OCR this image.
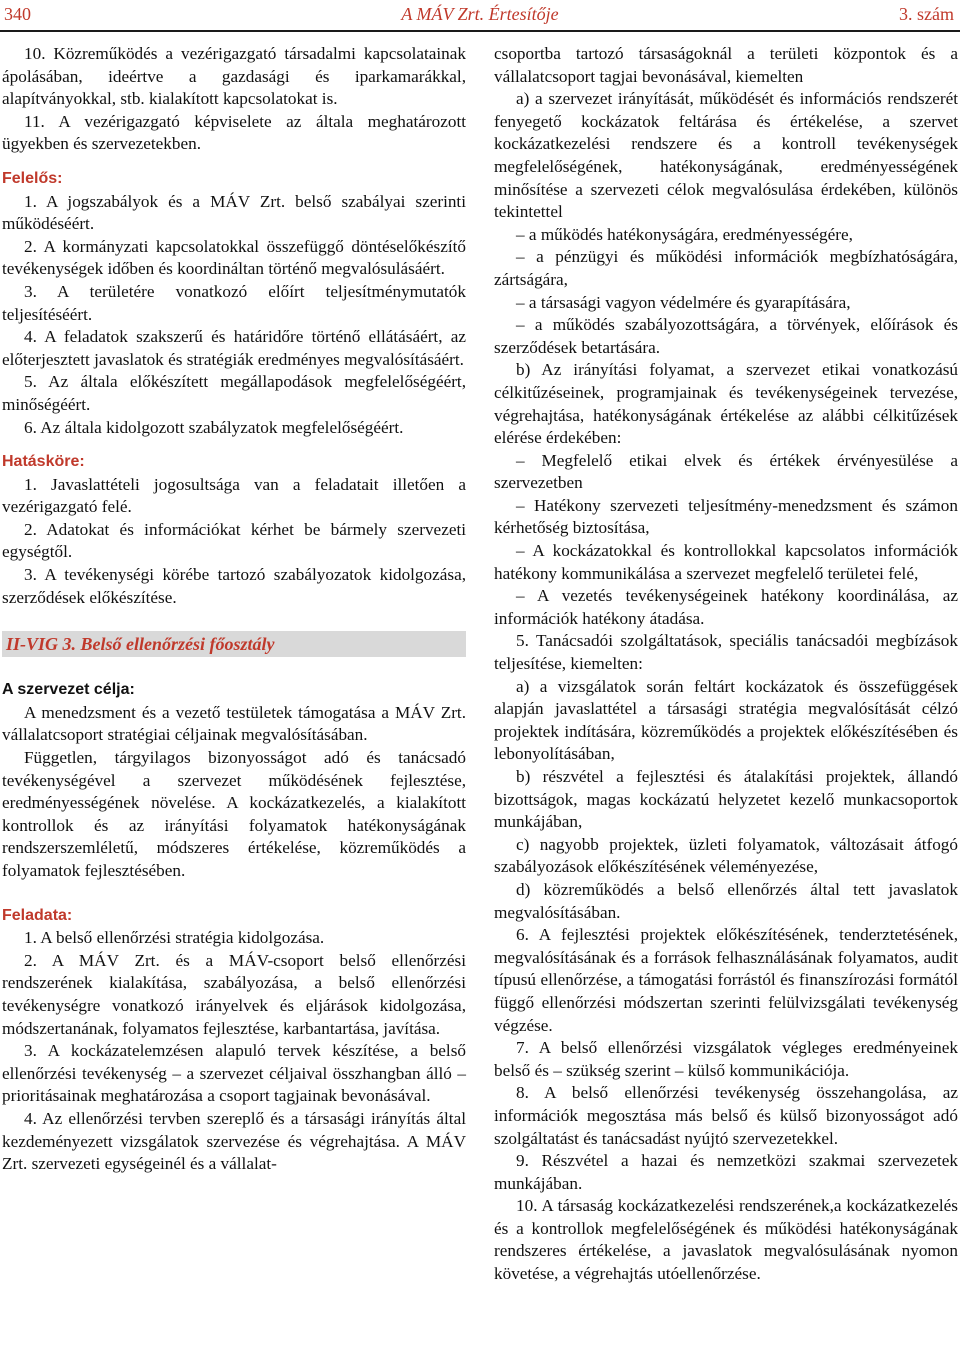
340	A MÁV Zrt. Értesítője	3. szám

10. Közreműködés a vezérigazgató társadalmi kapcsolatainak ápolásában, ideértve a gazdasági és iparkamarákkal, alapítványokkal, stb. kialakított kapcsolatokat is.

11. A vezérigazgató képviselete az általa meghatározott ügyekben és szervezetekben.

Felelős:

1. A jogszabályok és a MÁV Zrt. belső szabályai szerinti működéséért.

2. A kormányzati kapcsolatokkal összefüggő döntéselőkészítő tevékenységek időben és koordináltan történő megvalósulásáért.

3. A területére vonatkozó előírt teljesítménymutatók teljesítéséért.

4. A feladatok szakszerű és határidőre történő ellátásáért, az előterjesztett javaslatok és stratégiák eredményes megvalósításáért.

5. Az általa előkészített megállapodások megfelelőségéért, minőségéért.

6. Az általa kidolgozott szabályzatok megfelelőségéért.

Hatásköre:

1. Javaslattételi jogosultsága van a feladatait illetően a vezérigazgató felé.

2. Adatokat és információkat kérhet be bármely szervezeti egységtől.

3. A tevékenységi körébe tartozó szabályozatok kidolgozása, szerződések előkészítése.

II-VIG 3. Belső ellenőrzési főosztály

A szervezet célja:

A menedzsment és a vezető testületek támogatása a MÁV Zrt. vállalatcsoport stratégiai céljainak megvalósításában.

Független, tárgyilagos bizonyosságot adó és tanácsadó tevékenységével a szervezet működésének fejlesztése, eredményességének növelése. A kockázatkezelés, a kialakított kontrollok és az irányítási folyamatok hatékonyságának rendszerszemléletű, módszeres értékelése, közreműködés a folyamatok fejlesztésében.

Feladata:

1. A belső ellenőrzési stratégia kidolgozása.

2. A MÁV Zrt. és a MÁV-csoport belső ellenőrzési rendszerének kialakítása, szabályozása, a belső ellenőrzési tevékenységre vonatkozó irányelvek és eljárások kidolgozása, módszertanának, folyamatos fejlesztése, karbantartása, javítása.

3. A kockázatelemzésen alapuló tervek készítése, a belső ellenőrzési tevékenység – a szervezet céljaival összhangban álló – prioritásainak meghatározása a csoport tagjainak bevonásával.

4. Az ellenőrzési tervben szereplő és a társasági irányítás által kezdeményezett vizsgálatok szervezése és végrehajtása. A MÁV Zrt. szervezeti egységeinél és a vállalat-

csoportba tartozó társaságoknál a területi központok és a vállalatcsoport tagjai bevonásával, kiemelten

a) a szervezet irányítását, működését és információs rendszerét fenyegető kockázatok feltárása és értékelése, a szervet kockázatkezelési rendszere és a kontroll tevékenységek megfelelőségének, hatékonyságának, eredményességének minősítése a szervezeti célok megvalósulása érdekében, különös tekintettel

– a működés hatékonyságára, eredményességére,

– a pénzügyi és működési információk megbízhatóságára, zártságára,

– a társasági vagyon védelmére és gyarapítására,

– a működés szabályozottságára, a törvények, előírások és szerződések betartására.

b) Az irányítási folyamat, a szervezet etikai vonatkozású célkitűzéseinek, programjainak és tevékenységeinek tervezése, végrehajtása, hatékonyságának értékelése az alábbi célkitűzések elérése érdekében:

– Megfelelő etikai elvek és értékek érvényesülése a szervezetben

– Hatékony szervezeti teljesítmény-menedzsment és számon kérhetőség biztosítása,

– A kockázatokkal és kontrollokkal kapcsolatos információk hatékony kommunikálása a szervezet megfelelő területei felé,

– A vezetés tevékenységeinek hatékony koordinálása, az információk hatékony átadása.

5. Tanácsadói szolgáltatások, speciális tanácsadói megbízások teljesítése, kiemelten:

a) a vizsgálatok során feltárt kockázatok és összefüggések alapján javaslattétel a társasági stratégia megvalósítását célzó projektek indítására, közreműködés a projektek előkészítésében és lebonyolításában,

b) részvétel a fejlesztési és átalakítási projektek, állandó bizottságok, magas kockázatú helyzetet kezelő munkacsoportok munkájában,

c) nagyobb projektek, üzleti folyamatok, változásait átfogó szabályozások előkészítésének véleményezése,

d) közreműködés a belső ellenőrzés által tett javaslatok megvalósításában.

6. A fejlesztési projektek előkészítésének, tenderztetésének, megvalósításának és a források felhasználásának folyamatos, audit típusú ellenőrzése, a támogatási forrástól és finanszírozási formától függő ellenőrzési módszertan szerinti felülvizsgálati tevékenység végzése.

7. A belső ellenőrzési vizsgálatok végleges eredményeinek belső és – szükség szerint – külső kommunikációja.

8. A belső ellenőrzési tevékenység összehangolása, az információk megosztása más belső és külső bizonyosságot adó szolgáltatást és tanácsadást nyújtó szervezetekkel.

9. Részvétel a hazai és nemzetközi szakmai szervezetek munkájában.

10. A társaság kockázatkezelési rendszerének,a kockázatkezelés és a kontrollok megfelelőségének és működési hatékonyságának rendszeres értékelése, a javaslatok megvalósulásának nyomon követése, a végrehajtás utóellenőrzése.
